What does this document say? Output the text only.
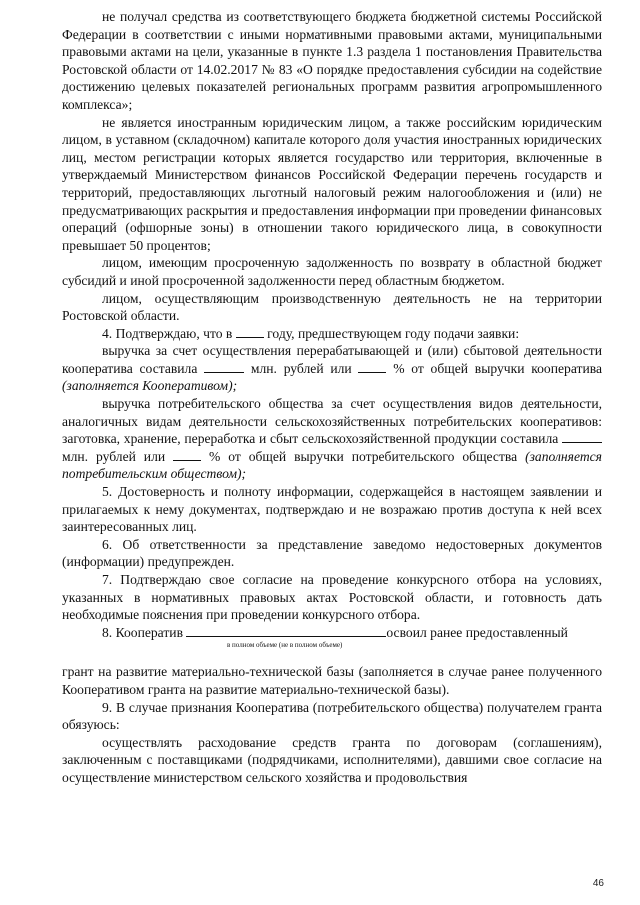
не получал средства из соответствующего бюджета бюджетной системы Российской Федерации в соответствии с иными нормативными правовыми актами, муниципальными правовыми актами на цели, указанные в пункте 1.3 раздела 1 постановления Правительства Ростовской области от 14.02.2017 № 83 «О порядке предоставления субсидии на содействие достижению целевых показателей региональных программ развития агропромышленного комплекса»;

не является иностранным юридическим лицом, а также российским юридическим лицом, в уставном (складочном) капитале которого доля участия иностранных юридических лиц, местом регистрации которых является государство или территория, включенные в утверждаемый Министерством финансов Российской Федерации перечень государств и территорий, предоставляющих льготный налоговый режим налогообложения и (или) не предусматривающих раскрытия и предоставления информации при проведении финансовых операций (офшорные зоны) в отношении такого юридического лица, в совокупности превышает 50 процентов;

лицом, имеющим просроченную задолженность по возврату в областной бюджет субсидий и иной просроченной задолженности перед областным бюджетом.

лицом, осуществляющим производственную деятельность не на территории Ростовской области.

4. Подтверждаю, что в	году, предшествующем году подачи заявки:

выручка за счет осуществления перерабатывающей и (или) сбытовой деятельности кооператива составила	млн. рублей или	% от общей выручки кооператива (заполняется Кооперативом);

выручка потребительского общества за счет осуществления видов деятельности, аналогичных видам деятельности сельскохозяйственных потребительских кооперативов: заготовка, хранение, переработка и сбыт сельскохозяйственной продукции составила  млн. рублей или	% от общей выручки потребительского общества (заполняется потребительским обществом);

5. Достоверность и полноту информации, содержащейся в настоящем заявлении и прилагаемых к нему документах, подтверждаю и не возражаю против доступа к ней всех заинтересованных лиц.

6. Об ответственности за представление заведомо недостоверных документов (информации) предупрежден.

7. Подтверждаю свое согласие на проведение конкурсного отбора на условиях, указанных в нормативных правовых актах Ростовской области, и готовность дать необходимые пояснения при проведении конкурсного отбора.

8. Кооператив	освоил ранее предоставленный

в полном объеме (не в полном объеме)

грант на развитие материально-технической базы (заполняется в случае ранее полученного Кооперативом гранта на развитие материально-технической базы).

9. В случае признания Кооператива (потребительского общества) получателем гранта обязуюсь:

осуществлять расходование средств гранта по договорам (соглашениям), заключенным с поставщиками (подрядчиками, исполнителями), давшими свое согласие на осуществление министерством сельского хозяйства и продовольствия

46
